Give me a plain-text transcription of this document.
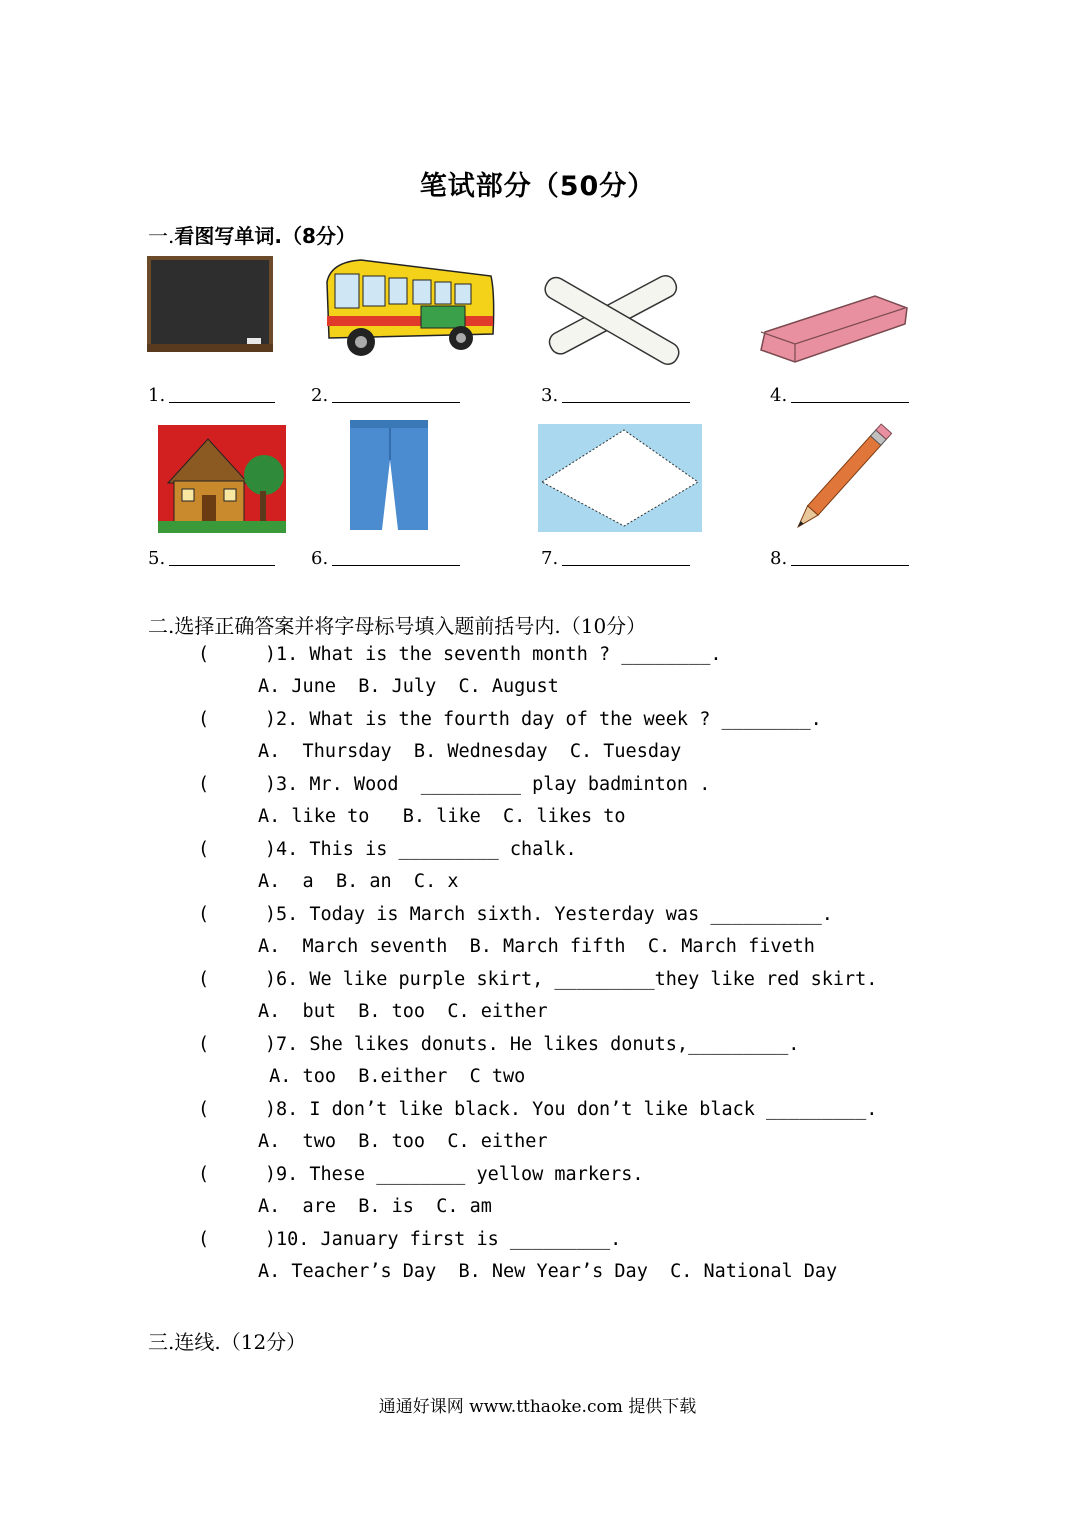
笔试部分（50分）
一.看图写单词.（8分）
1.	2.	3.	4.
5.	6.	7.	8.
二.选择正确答案并将字母标号填入题前括号内.（10分）
(     )1. What is the seventh month ? ________.
A. June  B. July  C. August
(     )2. What is the fourth day of the week ? ________.
A.  Thursday  B. Wednesday  C. Tuesday
(     )3. Mr. Wood  _________ play badminton .
A. like to   B. like  C. likes to
(     )4. This is _________ chalk.
A.  a  B. an  C. x
(     )5. Today is March sixth. Yesterday was __________.
A.  March seventh  B. March fifth  C. March fiveth
(     )6. We like purple skirt, _________they like red skirt.
A.  but  B. too  C. either
(     )7. She likes donuts. He likes donuts,_________.
A. too  B.either  C two
(     )8. I don’t like black. You don’t like black _________.
A.  two  B. too  C. either
(     )9. These ________ yellow markers.
A.  are  B. is  C. am
(     )10. January first is _________.
A. Teacher’s Day  B. New Year’s Day  C. National Day
三.连线.（12分）
通通好课网 www.tthaoke.com 提供下载
